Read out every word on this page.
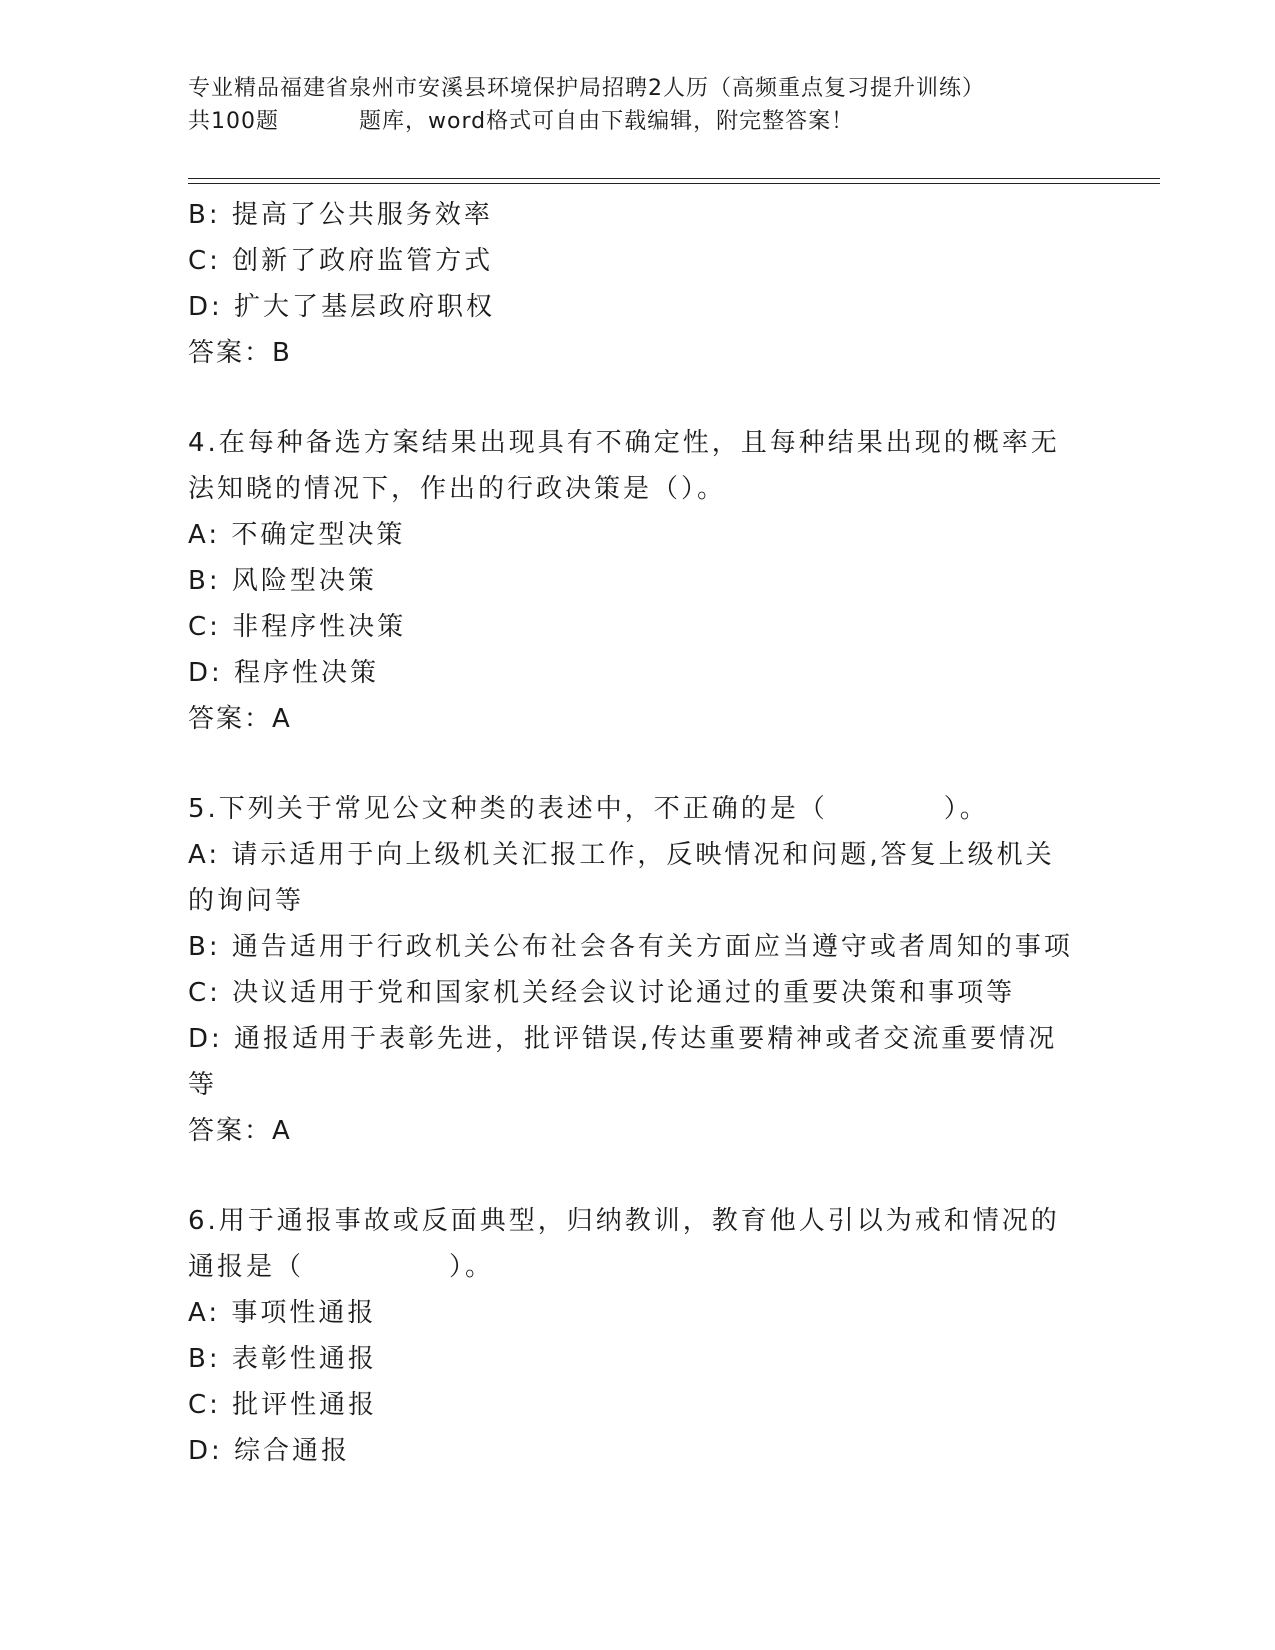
专业精品福建省泉州市安溪县环境保护局招聘2人历（高频重点复习提升训练）
共100题	题库，word格式可自由下载编辑，附完整答案！
B: 提高了公共服务效率
C: 创新了政府监管方式
D: 扩大了基层政府职权
答案：B
4.在每种备选方案结果出现具有不确定性，且每种结果出现的概率无
法知晓的情况下，作出的行政决策是（）。
A: 不确定型决策
B: 风险型决策
C: 非程序性决策
D: 程序性决策
答案：A
5.下列关于常见公文种类的表述中，不正确的是（　　　　）。
A: 请示适用于向上级机关汇报工作，反映情况和问题,答复上级机关
的询问等
B: 通告适用于行政机关公布社会各有关方面应当遵守或者周知的事项
C: 决议适用于党和国家机关经会议讨论通过的重要决策和事项等
D: 通报适用于表彰先进，批评错误,传达重要精神或者交流重要情况
等
答案：A
6.用于通报事故或反面典型，归纳教训，教育他人引以为戒和情况的
通报是（　　　　　）。
A: 事项性通报
B: 表彰性通报
C: 批评性通报
D: 综合通报
